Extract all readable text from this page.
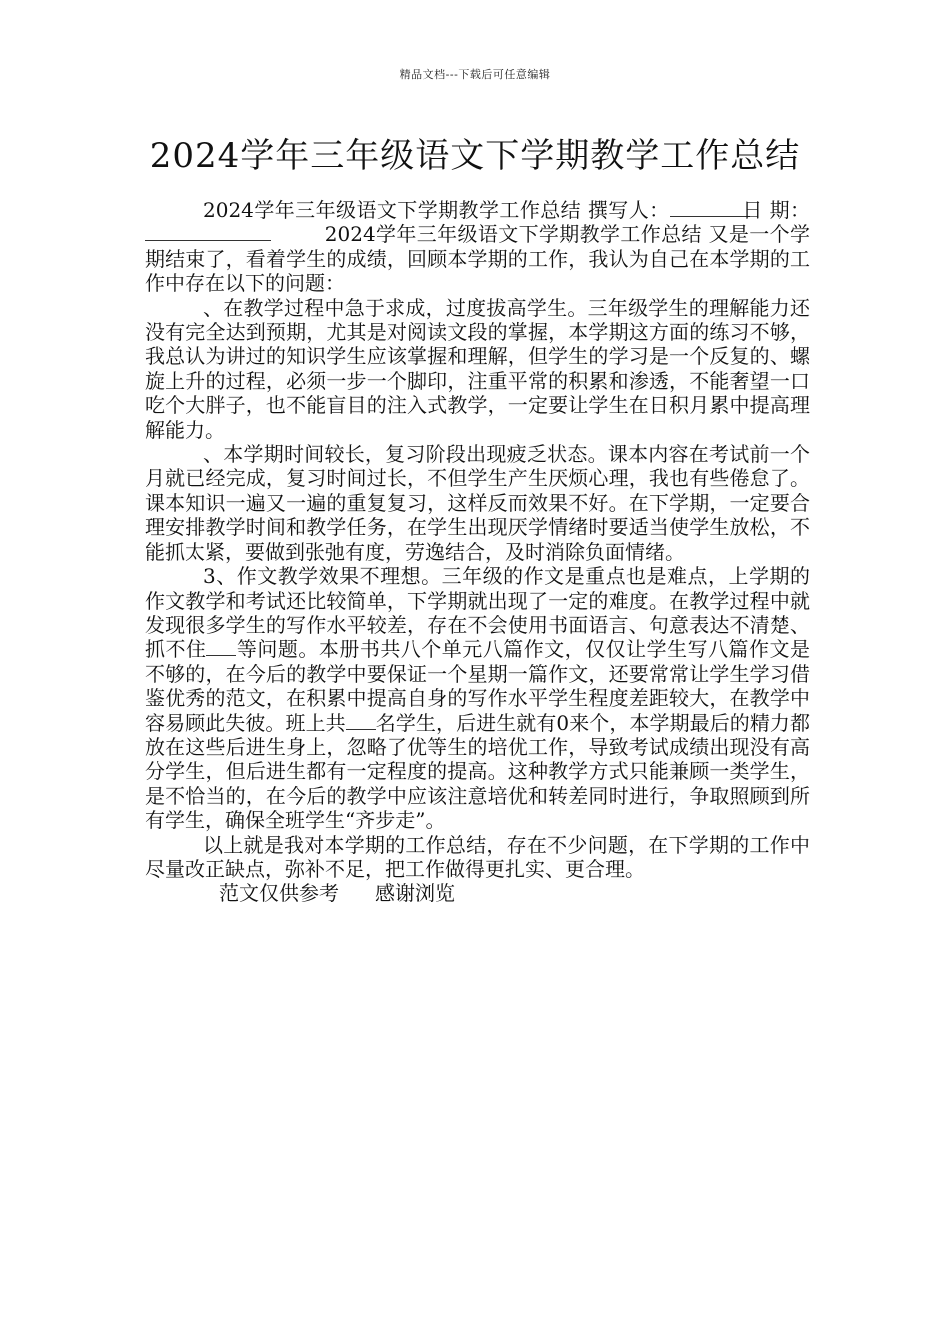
精品文档---下载后可任意编辑
2024学年三年级语文下学期教学工作总结

2024学年三年级语文下学期教学工作总结 撰写人：	日 期：        2024学年三年级语文下学期教学工作总结 又是一个学期结束了，看着学生的成绩，回顾本学期的工作，我认为自己在本学期的工作中存在以下的问题：

、在教学过程中急于求成，过度拔高学生。三年级学生的理解能力还没有完全达到预期，尤其是对阅读文段的掌握，本学期这方面的练习不够，我总认为讲过的知识学生应该掌握和理解，但学生的学习是一个反复的、螺旋上升的过程，必须一步一个脚印，注重平常的积累和渗透，不能奢望一口吃个大胖子，也不能盲目的注入式教学，一定要让学生在日积月累中提高理解能力。

、本学期时间较长，复习阶段出现疲乏状态。课本内容在考试前一个月就已经完成，复习时间过长，不但学生产生厌烦心理，我也有些倦怠了。课本知识一遍又一遍的重复复习，这样反而效果不好。在下学期，一定要合理安排教学时间和教学任务，在学生出现厌学情绪时要适当使学生放松，不能抓太紧，要做到张弛有度，劳逸结合，及时消除负面情绪。

3、作文教学效果不理想。三年级的作文是重点也是难点，上学期的作文教学和考试还比较简单，下学期就出现了一定的难度。在教学过程中就发现很多学生的写作水平较差，存在不会使用书面语言、句意表达不清楚、抓不住 等问题。本册书共八个单元八篇作文，仅仅让学生写八篇作文是不够的，在今后的教学中要保证一个星期一篇作文，还要常常让学生学习借鉴优秀的范文，在积累中提高自身的写作水平学生程度差距较大，在教学中容易顾此失彼。班上共 名学生，后进生就有0来个，本学期最后的精力都放在这些后进生身上，忽略了优等生的培优工作，导致考试成绩出现没有高分学生，但后进生都有一定程度的提高。这种教学方式只能兼顾一类学生，是不恰当的，在今后的教学中应该注意培优和转差同时进行，争取照顾到所有学生，确保全班学生“齐步走”。

以上就是我对本学期的工作总结，存在不少问题，在下学期的工作中尽量改正缺点，弥补不足，把工作做得更扎实、更合理。

范文仅供参考 感谢浏览
